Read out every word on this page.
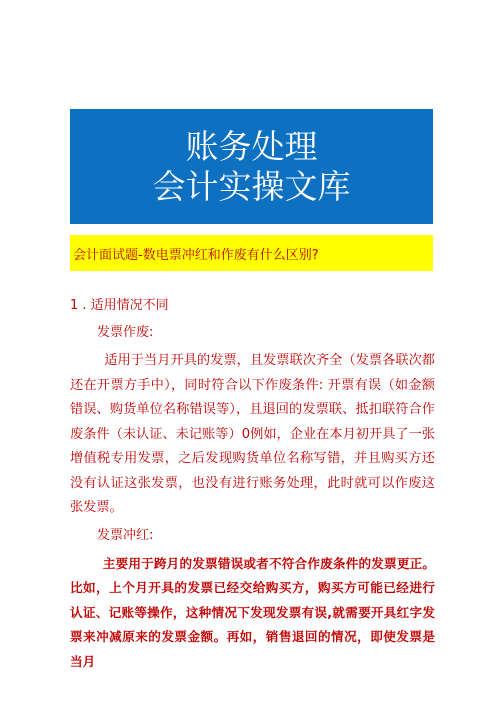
账务处理
会计实操文库
会计面试题-数电票冲红和作废有什么区别?
1 . 适用情况不同
发票作废:

适用于当月开具的发票，且发票联次齐全（发票各联次都还在开票方手中），同时符合以下作废条件: 开票有误（如金额错误、购货单位名称错误等），且退回的发票联、抵扣联符合作废条件（未认证、未记账等）0例如，企业在本月初开具了一张增值税专用发票，之后发现购货单位名称写错，并且购买方还没有认证这张发票，也没有进行账务处理，此时就可以作废这张发票。

发票冲红:

主要用于跨月的发票错误或者不符合作废条件的发票更正。比如，上个月开具的发票已经交给购买方，购买方可能已经进行认证、记账等操作，这种情况下发现发票有误,就需要开具红字发票来冲减原来的发票金额。再如，销售退回的情况，即使发票是当月
